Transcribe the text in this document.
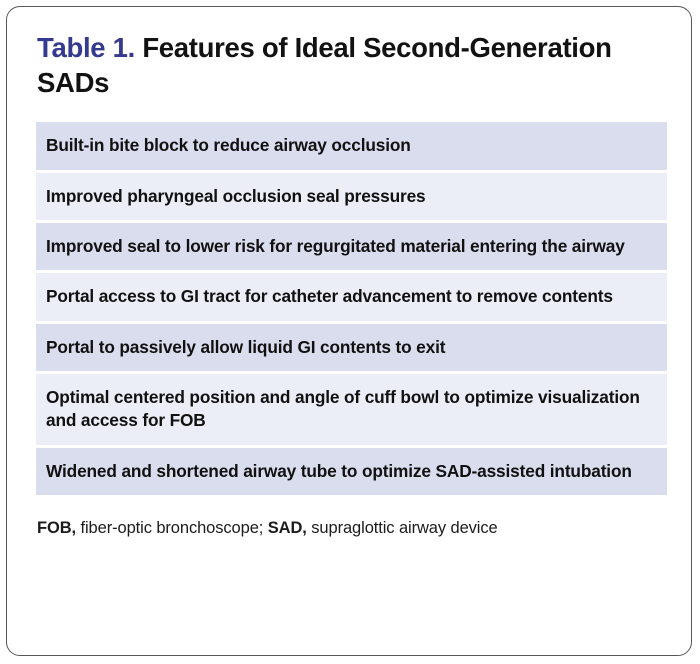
Table 1. Features of Ideal Second-Generation SADs
Built-in bite block to reduce airway occlusion
Improved pharyngeal occlusion seal pressures
Improved seal to lower risk for regurgitated material entering the airway
Portal access to GI tract for catheter advancement to remove contents
Portal to passively allow liquid GI contents to exit
Optimal centered position and angle of cuff bowl to optimize visualization and access for FOB
Widened and shortened airway tube to optimize SAD-assisted intubation
FOB, fiber-optic bronchoscope; SAD, supraglottic airway device
